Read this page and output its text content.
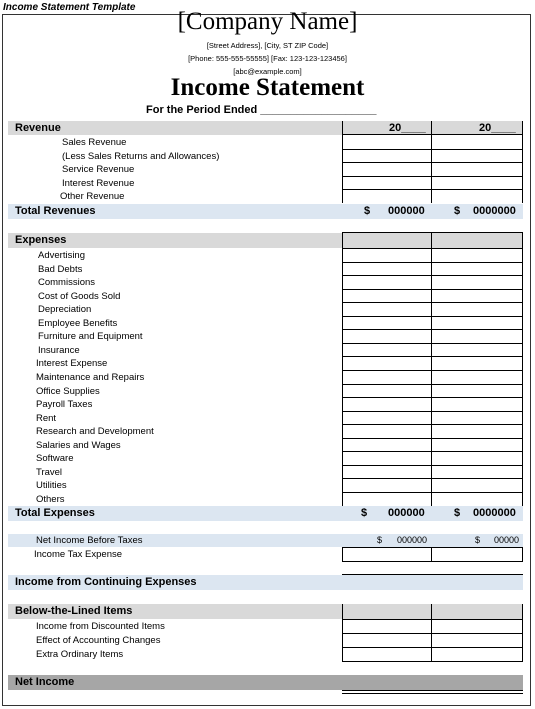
Income Statement Template
[Company Name]
[Street Address], [City, ST ZIP Code]
[Phone: 555-555-55555] [Fax: 123-123-123456]
[abc@example.com]
Income Statement
For the Period Ended ___________________
Revenue	20____	20____
Sales Revenue
(Less Sales Returns and Allowances)
Service Revenue
Interest Revenue
Other Revenue
Total Revenues	$ 000000	$ 0000000
Expenses
Advertising
Bad Debts
Commissions
Cost of Goods Sold
Depreciation
Employee Benefits
Furniture and Equipment
Insurance
Interest Expense
Maintenance and Repairs
Office Supplies
Payroll Taxes
Rent
Research and Development
Salaries and Wages
Software
Travel
Utilities
Others
Total Expenses	$ 000000	$ 0000000
Net Income Before Taxes	$ 000000	$ 00000
Income Tax Expense
Income from Continuing Expenses
Below-the-Lined Items
Income from Discounted Items
Effect of Accounting Changes
Extra Ordinary Items
Net Income
